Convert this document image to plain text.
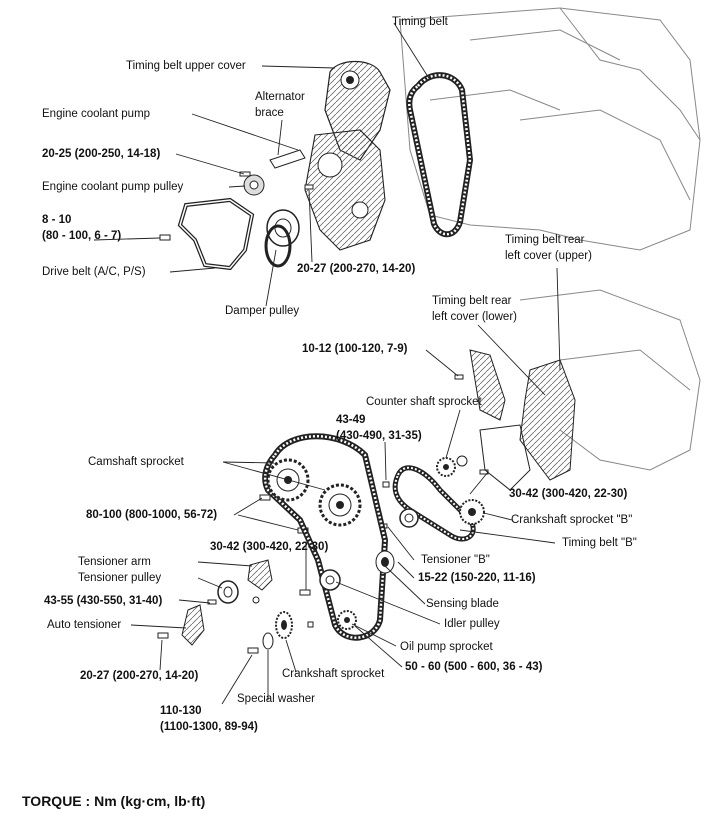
Timing belt
Timing belt upper cover
Alternator
brace
Engine coolant pump
20-25 (200-250, 14-18)
Engine coolant pump pulley
8 - 10
(80 - 100, 6 - 7)
Drive belt (A/C, P/S)	20-27 (200-270, 14-20)
Damper pulley
Timing belt rear
left cover (upper)
Timing belt rear
left cover (lower)
10-12 (100-120, 7-9)
Counter shaft sprocket
43-49
(430-490, 31-35)
Camshaft sprocket
30-42 (300-420, 22-30)
80-100 (800-1000, 56-72)	Crankshaft sprocket "B"
Timing belt "B"
30-42 (300-420, 22-30)
Tensioner "B"
Tensioner arm
Tensioner pulley	15-22 (150-220, 11-16)
43-55 (430-550, 31-40)	Sensing blade
Auto tensioner	Idler pulley
Oil pump sprocket
20-27 (200-270, 14-20)
50 - 60 (500 - 600, 36 - 43)
Crankshaft sprocket
Special washer
110-130
(1100-1300, 89-94)
TORQUE : Nm (kg·cm, lb·ft)
